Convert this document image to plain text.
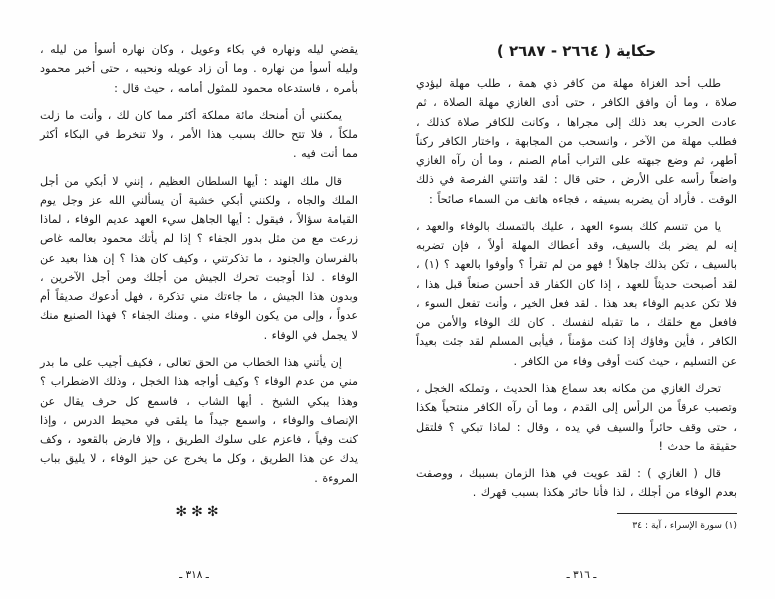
حكاية ( ٢٦٦٤ - ٢٦٨٧ )

طلب أحد الغزاة مهلة من كافر ذي همة ، طلب مهلة ليؤدي صلاة ، وما أن وافق الكافر ، حتى أدى الغازي مهلة الصلاة ، ثم عادت الحرب بعد ذلك إلى مجراها ، وكانت للكافر صلاة كذلك ، فطلب مهلة من الآخر ، وانسحب من المجابهة ، واختار الكافر ركناً أطهر، ثم وضع جبهته على التراب أمام الصنم ، وما أن رآه الغازي واضعاً رأسه على الأرض ، حتى قال : لقد واتتني الفرصة في ذلك الوقت . فأراد أن يضربه بسيفه ، فجاءه هاتف من السماء صائحاً :

يا من تنسم كلك بسوء العهد ، عليك بالتمسك بالوفاء والعهد ، إنه لم يضر بك بالسيف، وقد أعطاك المهلة أولاً ، فإن تضربه بالسيف ، تكن بذلك جاهلاً ! فهو من لم تقرأ ؟ وأوفوا بالعهد ؟ (١) ، لقد أصبحت حديثاً للعهد ، إذا كان الكفار قد أحسن صنعاً قبل هذا ، فلا تكن عديم الوفاء بعد هذا . لقد فعل الخير ، وأنت تفعل السوء ، فافعل مع خلقك ، ما تقبله لنفسك . كان لك الوفاء والأمن من الكافر ، فأين وفاؤك إذا كنت مؤمناً ، فيأبى المسلم لقد جئت بعيداً عن التسليم ، حيث كنت أوفى وفاء من الكافر .

تحرك الغازي من مكانه بعد سماع هذا الحديث ، وتملكه الخجل ، وتصبب عرقاً من الرأس إلى القدم ، وما أن رآه الكافر منتحياً هكذا ، حتى وقف حائراً والسيف في يده ، وقال : لماذا تبكي ؟ فلتقل حقيقة ما حدث !

قال ( الغازي ) : لقد عويت في هذا الزمان بسببك ، ووصفت بعدم الوفاء من أجلك ، لذا فأنا حائر هكذا بسبب قهرك .

(١) سورة الإسراء ، آية : ٣٤

ـ ٣١٦ ـ

يقضي ليله ونهاره في بكاء وعويل ، وكان نهاره أسوأ من ليله ، وليله أسوأ من نهاره . وما أن زاد عويله ونحيبه ، حتى أخبر محمود بأمره ، فاستدعاه محمود للمثول أمامه ، حيث قال :

يمكنني أن أمنحك مائة مملكة أكثر مما كان لك ، وأنت ما زلت ملكاً ، فلا تتح حالك بسبب هذا الأمر ، ولا تنخرط في البكاء أكثر مما أنت فيه .

قال ملك الهند : أيها السلطان العظيم ، إنني لا أبكي من أجل الملك والجاه ، ولكنني أبكي خشية أن يسألني الله عز وجل يوم القيامة سؤالاً ، فيقول : أيها الجاهل سيء العهد عديم الوفاء ، لماذا زرعت مع من مثل بدور الجفاء ؟ إذا لم يأتك محمود بعالمه غاص بالفرسان والجنود ، ما تذكرتني ، وكيف كان هذا ؟ إن هذا بعيد عن الوفاء . لذا أوجبت تحرك الجيش من أجلك ومن أجل الآخرين ، وبدون هذا الجيش ، ما جاءتك مني تذكرة ، فهل أدعوك صديقاً أم عدواً ، وإلى من يكون الوفاء مني . ومنك الجفاء ؟ فهذا الصنيع منك لا يجمل في الوفاء .

إن يأتني هذا الخطاب من الحق تعالى ، فكيف أجيب على ما بدر مني من عدم الوفاء ؟ وكيف أواجه هذا الخجل ، وذلك الاضطراب ؟ وهذا يبكي الشيخ . أيها الشاب ، فاسمع كل حرف يقال عن الإنصاف والوفاء ، واسمع جيداً ما يلقى في محيط الدرس ، وإذا كنت وفياً ، فاعزم على سلوك الطريق ، وإلا فارض بالقعود ، وكف يدك عن هذا الطريق ، وكل ما يخرج عن حيز الوفاء ، لا يليق بباب المروءة .

✻✻✻
ـ ٣١٨ ـ
